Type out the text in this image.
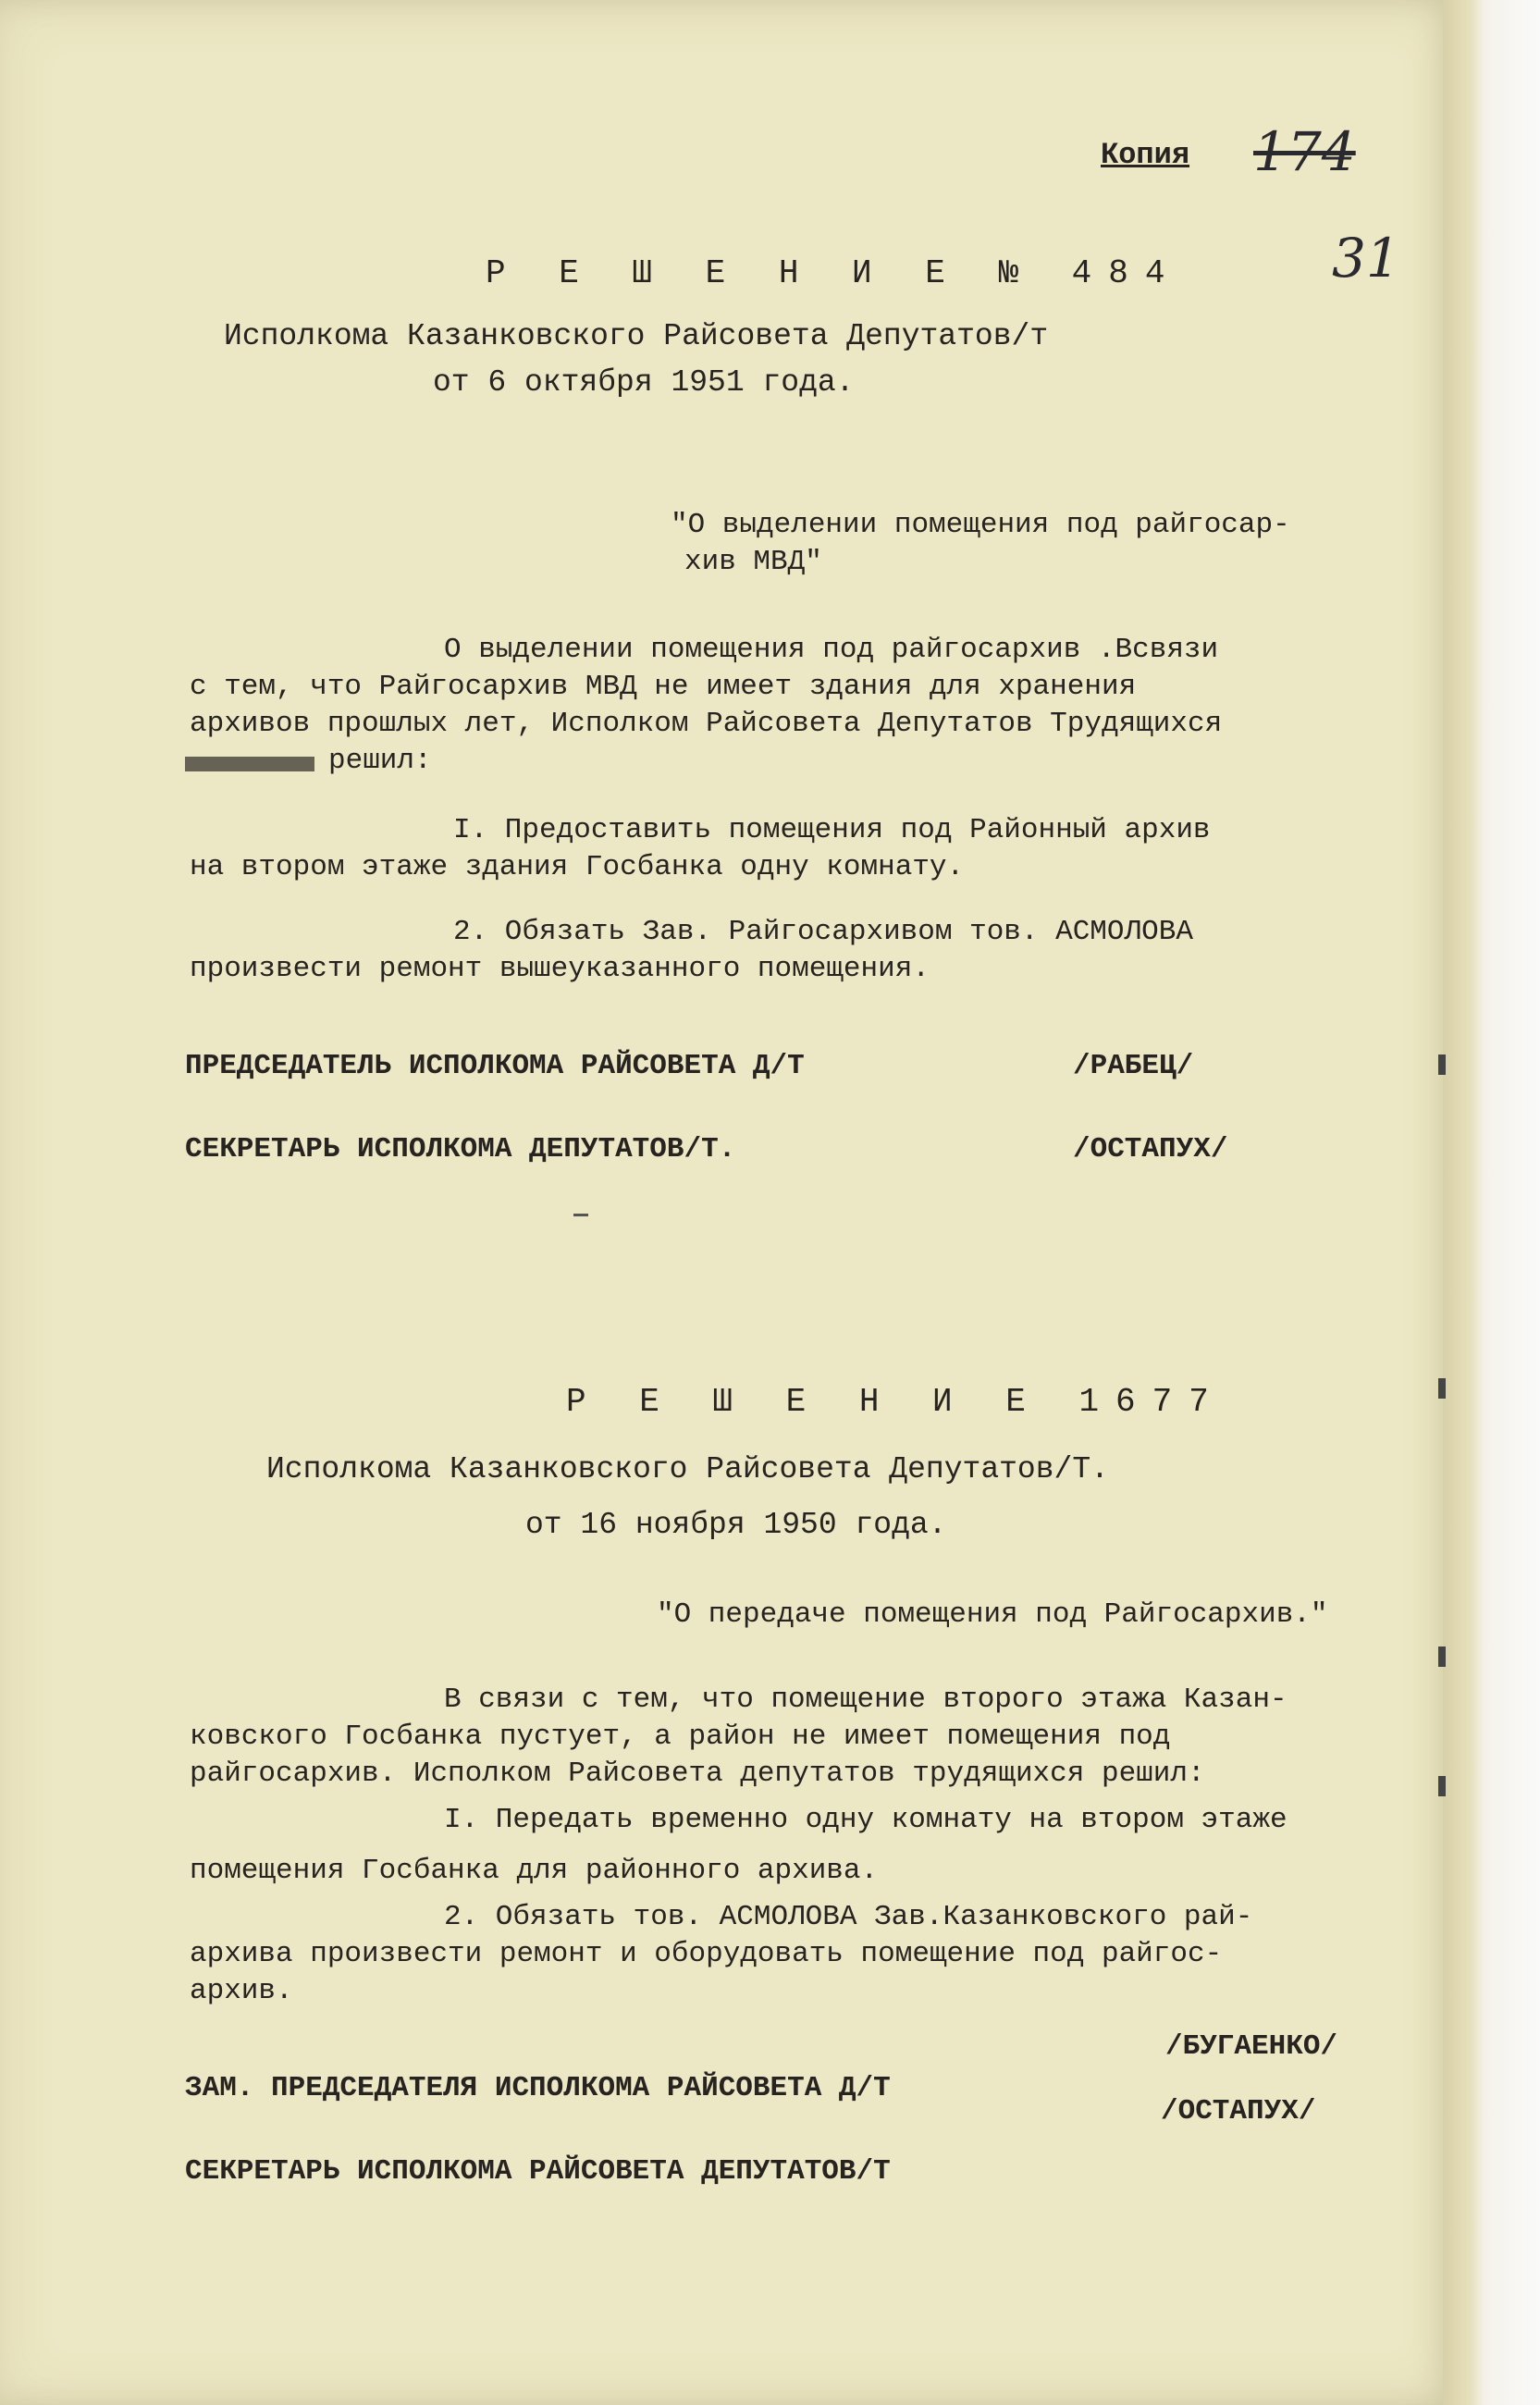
Копия 174

31

Р Е Ш Е Н И Е № 484

Исполкома Казанковского Райсовета Депутатов/т

от 6 октября 1951 года.

"О выделении помещения под райгосар-

хив МВД"

О выделении помещения под райгосархив .Всвязи

с тем, что Райгосархив МВД не имеет здания для хранения

архивов прошлых лет, Исполком Райсовета Депутатов Трудящихся

решил:

I. Предоставить помещения под Районный архив

на втором этаже здания Госбанка одну комнату.

2. Обязать Зав. Райгосархивом тов. АСМОЛОВА

произвести ремонт вышеуказанного помещения.

ПРЕДСЕДАТЕЛЬ ИСПОЛКОМА РАЙСОВЕТА Д/Т	/РАБЕЦ/

СЕКРЕТАРЬ ИСПОЛКОМА ДЕПУТАТОВ/Т.	/ОСТАПУХ/

Р Е Ш Е Н И Е 1677

Исполкома Казанковского Райсовета Депутатов/Т.

от 16 ноября 1950 года.

"О передаче помещения под Райгосархив."

В связи с тем, что помещение второго этажа Казан-

ковского Госбанка пустует, а район не имеет помещения под

райгосархив. Исполком Райсовета депутатов трудящихся решил:

I. Передать временно одну комнату на втором этаже

помещения Госбанка для районного архива.

2. Обязать тов. АСМОЛОВА Зав.Казанковского рай-

архива произвести ремонт и оборудовать помещение под райгос-

архив.

/БУГАЕНКО/

ЗАМ. ПРЕДСЕДАТЕЛЯ ИСПОЛКОМА РАЙСОВЕТА Д/Т

/ОСТАПУХ/

СЕКРЕТАРЬ ИСПОЛКОМА РАЙСОВЕТА ДЕПУТАТОВ/Т
